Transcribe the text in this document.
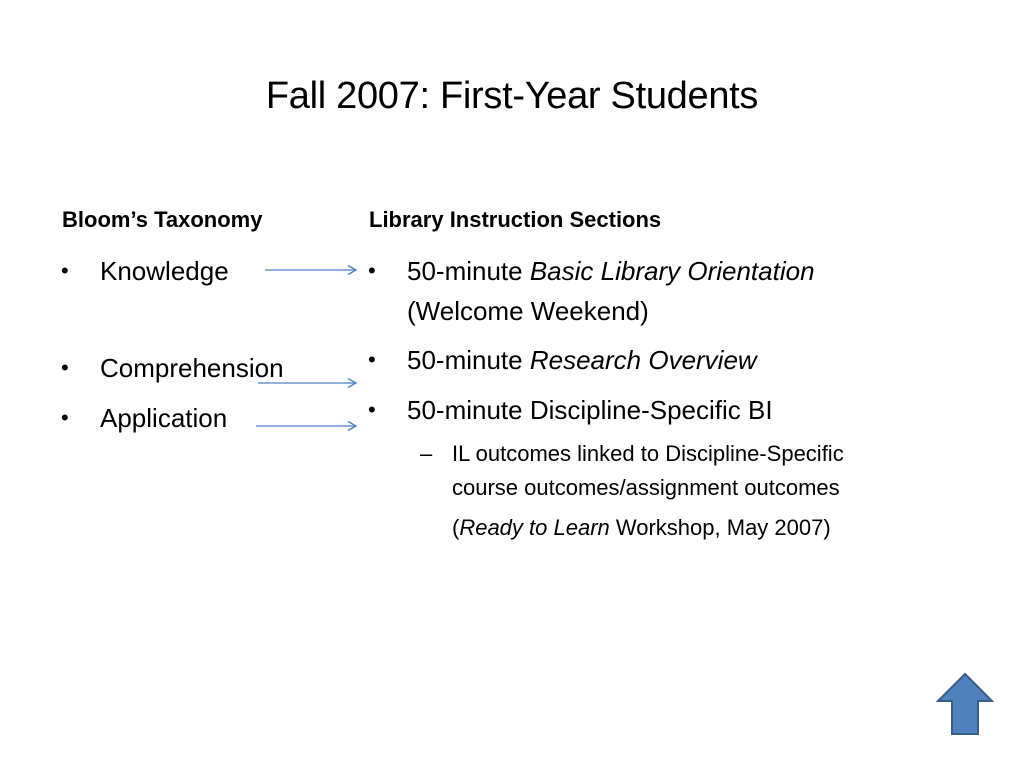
Fall 2007: First-Year Students
Bloom’s Taxonomy	Library Instruction Sections
• Knowledge
• Comprehension
• Application
• 50-minute Basic Library Orientation
(Welcome Weekend)
• 50-minute Research Overview
• 50-minute Discipline-Specific BI
– IL outcomes linked to Discipline-Specific
course outcomes/assignment outcomes
(Ready to Learn Workshop, May 2007)
